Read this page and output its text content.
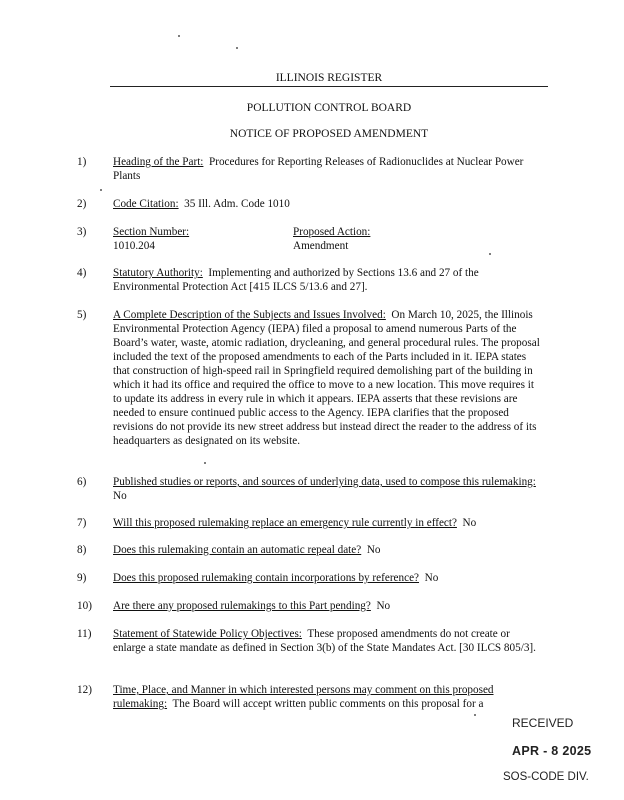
ILLINOIS REGISTER
POLLUTION CONTROL BOARD
NOTICE OF PROPOSED AMENDMENT
1)	Heading of the Part: Procedures for Reporting Releases of Radionuclides at Nuclear Power Plants
2)	Code Citation: 35 Ill. Adm. Code 1010
3)	Section Number:
1010.204
Proposed Action:
Amendment
4)	Statutory Authority: Implementing and authorized by Sections 13.6 and 27 of the Environmental Protection Act [415 ILCS 5/13.6 and 27].
5)	A Complete Description of the Subjects and Issues Involved: On March 10, 2025, the Illinois Environmental Protection Agency (IEPA) filed a proposal to amend numerous Parts of the Board’s water, waste, atomic radiation, drycleaning, and general procedural rules. The proposal included the text of the proposed amendments to each of the Parts included in it. IEPA states that construction of high-speed rail in Springfield required demolishing part of the building in which it had its office and required the office to move to a new location. This move requires it to update its address in every rule in which it appears. IEPA asserts that these revisions are needed to ensure continued public access to the Agency. IEPA clarifies that the proposed revisions do not provide its new street address but instead direct the reader to the address of its headquarters as designated on its website.
6)	Published studies or reports, and sources of underlying data, used to compose this rulemaking:  No
7)	Will this proposed rulemaking replace an emergency rule currently in effect? No
8)	Does this rulemaking contain an automatic repeal date? No
9)	Does this proposed rulemaking contain incorporations by reference? No
10)	Are there any proposed rulemakings to this Part pending? No
11)	Statement of Statewide Policy Objectives: These proposed amendments do not create or enlarge a state mandate as defined in Section 3(b) of the State Mandates Act. [30 ILCS 805/3].
12)	Time, Place, and Manner in which interested persons may comment on this proposed rulemaking: The Board will accept written public comments on this proposal for a
RECEIVED
APR - 8 2025
SOS-CODE DIV.
